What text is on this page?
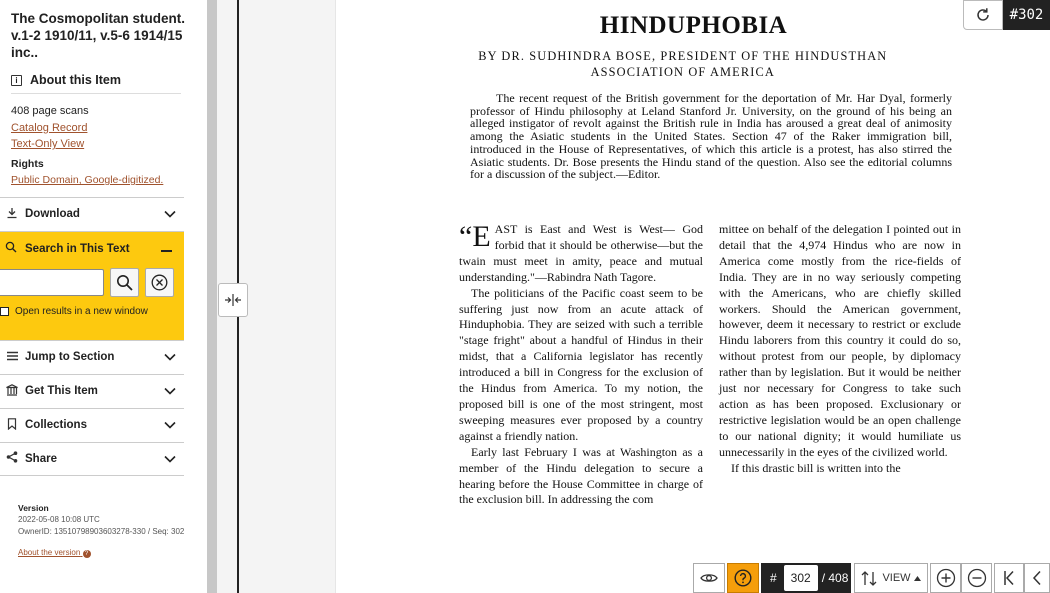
The Cosmopolitan student. v.1-2 1910/11, v.5-6 1914/15 inc..
i About this Item
408 page scans
Catalog Record
Text-Only View
Rights
Public Domain, Google-digitized.
Download
Search in This Text
Open results in a new window
Jump to Section
Get This Item
Collections
Share
Version
2022-05-08 10:08 UTC
OwnerID: 13510798903603278-330 / Seq: 302
About the version ?
HINDUPHOBIA
BY DR. SUDHINDRA BOSE, PRESIDENT OF THE HINDUSTHAN ASSOCIATION OF AMERICA
The recent request of the British government for the deportation of Mr. Har Dyal, formerly professor of Hindu philosophy at Leland Stanford Jr. University, on the ground of his being an alleged instigator of revolt against the British rule in India has aroused a great deal of animosity among the Asiatic students in the United States. Section 47 of the Raker immigration bill, introduced in the House of Representatives, of which this article is a protest, has also stirred the Asiatic students. Dr. Bose presents the Hindu stand of the question. Also see the editorial columns for a discussion of the subject.—Editor.

“E AST is East and West is West— God forbid that it should be otherwise—but the twain must meet in amity, peace and mutual understanding."—Rabindra Nath Tagore.

The politicians of the Pacific coast seem to be suffering just now from an acute attack of Hinduphobia. They are seized with such a terrible "stage fright" about a handful of Hindus in their midst, that a California legislator has recently introduced a bill in Congress for the exclusion of the Hindus from America. To my notion, the proposed bill is one of the most stringent, most sweeping measures ever proposed by a country against a friendly nation.

Early last February I was at Washington as a member of the Hindu delegation to secure a hearing before the House Committee in charge of the exclusion bill. In addressing the com

mittee on behalf of the delegation I pointed out in detail that the 4,974 Hindus who are now in America come mostly from the rice-fields of India. They are in no way seriously competing with the Americans, who are chiefly skilled workers. Should the American government, however, deem it necessary to restrict or exclude Hindu laborers from this country it could do so, without protest from our people, by diplomacy rather than by legislation. But it would be neither just nor necessary for Congress to take such action as has been proposed. Exclusionary or restrictive legislation would be an open challenge to our national dignity; it would humiliate us unnecessarily in the eyes of the civilized world.

If this drastic bill is written into the

#302
#	302 / 408	VIEW
